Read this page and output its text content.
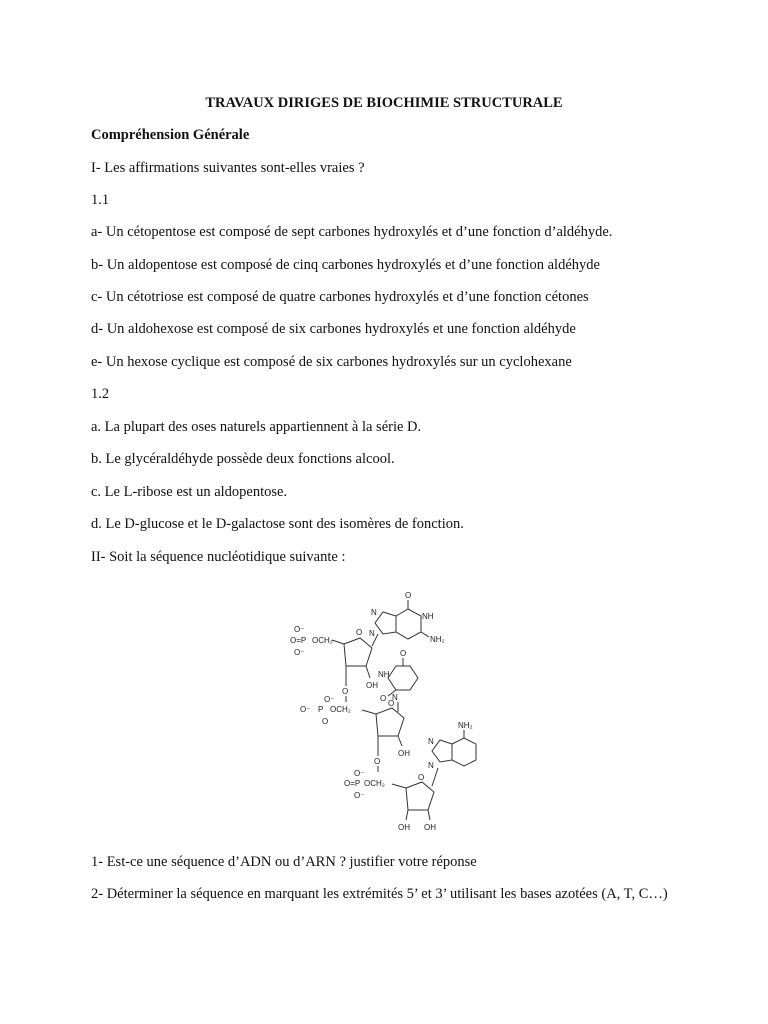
TRAVAUX DIRIGES DE BIOCHIMIE STRUCTURALE

Compréhension Générale

I- Les affirmations suivantes sont-elles vraies ?

1.1

a- Un cétopentose est composé de sept carbones hydroxylés et d’une fonction d’aldéhyde.

b- Un aldopentose est composé de cinq carbones hydroxylés et d’une fonction aldéhyde

c- Un cétotriose est composé de quatre carbones hydroxylés et d’une fonction cétones

d- Un aldohexose est composé de six carbones hydroxylés et une fonction aldéhyde

e- Un hexose cyclique est composé de six carbones hydroxylés sur un cyclohexane

1.2

a. La plupart des oses naturels appartiennent à la série D.

b. Le glycéraldéhyde possède deux fonctions alcool.

c. Le L-ribose est un aldopentose.

d. Le D-glucose et le D-galactose sont des isomères de fonction.

II- Soit la séquence nucléotidique suivante :

O
NH
NH₂
N
N
O⁻
O=P OCH₂
O⁻
O
OH
O
O
NH
O N
O⁻
O⁻ P OCH₂
O
O
OH
O
NH₂
N
N
O⁻
O=P OCH₂
O⁻
O
OH OH

1- Est-ce une séquence d’ADN ou d’ARN ? justifier votre réponse

2- Déterminer la séquence en marquant les extrémités 5’ et 3’ utilisant les bases azotées (A, T, C…)
